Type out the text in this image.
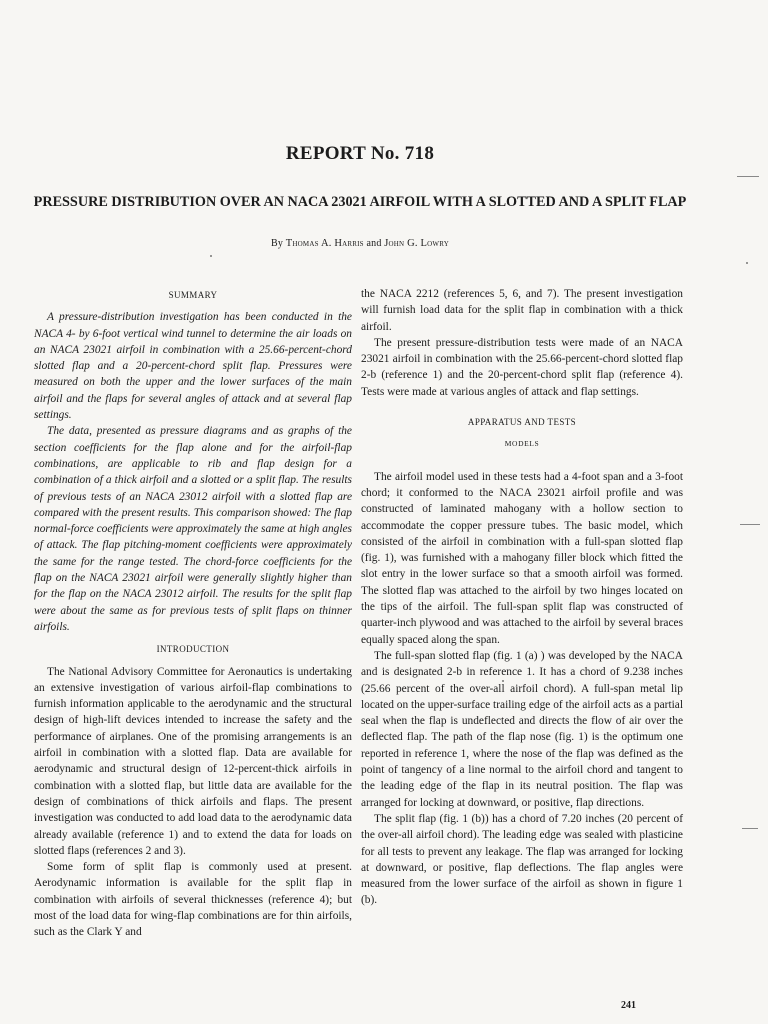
REPORT No. 718
PRESSURE DISTRIBUTION OVER AN NACA 23021 AIRFOIL WITH A SLOTTED AND A SPLIT FLAP
By Thomas A. Harris and John G. Lowry
SUMMARY

A pressure-distribution investigation has been conducted in the NACA 4- by 6-foot vertical wind tunnel to determine the air loads on an NACA 23021 airfoil in combination with a 25.66-percent-chord slotted flap and a 20-percent-chord split flap. Pressures were measured on both the upper and the lower surfaces of the main airfoil and the flaps for several angles of attack and at several flap settings.

The data, presented as pressure diagrams and as graphs of the section coefficients for the flap alone and for the airfoil-flap combinations, are applicable to rib and flap design for a combination of a thick airfoil and a slotted or a split flap. The results of previous tests of an NACA 23012 airfoil with a slotted flap are compared with the present results. This comparison showed: The flap normal-force coefficients were approximately the same at high angles of attack. The flap pitching-moment coefficients were approximately the same for the range tested. The chord-force coefficients for the flap on the NACA 23021 airfoil were generally slightly higher than for the flap on the NACA 23012 airfoil. The results for the split flap were about the same as for previous tests of split flaps on thinner airfoils.

INTRODUCTION

The National Advisory Committee for Aeronautics is undertaking an extensive investigation of various airfoil-flap combinations to furnish information applicable to the aerodynamic and the structural design of high-lift devices intended to increase the safety and the performance of airplanes. One of the promising arrangements is an airfoil in combination with a slotted flap. Data are available for aerodynamic and structural design of 12-percent-thick airfoils in combination with a slotted flap, but little data are available for the design of combinations of thick airfoils and flaps. The present investigation was conducted to add load data to the aerodynamic data already available (reference 1) and to extend the data for loads on slotted flaps (references 2 and 3).

Some form of split flap is commonly used at present. Aerodynamic information is available for the split flap in combination with airfoils of several thicknesses (reference 4); but most of the load data for wing-flap combinations are for thin airfoils, such as the Clark Y and

the NACA 2212 (references 5, 6, and 7). The present investigation will furnish load data for the split flap in combination with a thick airfoil.

The present pressure-distribution tests were made of an NACA 23021 airfoil in combination with the 25.66-percent-chord slotted flap 2-b (reference 1) and the 20-percent-chord split flap (reference 4). Tests were made at various angles of attack and flap settings.

APPARATUS AND TESTS
MODELS

The airfoil model used in these tests had a 4-foot span and a 3-foot chord; it conformed to the NACA 23021 airfoil profile and was constructed of laminated mahogany with a hollow section to accommodate the copper pressure tubes. The basic model, which consisted of the airfoil in combination with a full-span slotted flap (fig. 1), was furnished with a mahogany filler block which fitted the slot entry in the lower surface so that a smooth airfoil was formed. The slotted flap was attached to the airfoil by two hinges located on the tips of the airfoil. The full-span split flap was constructed of quarter-inch plywood and was attached to the airfoil by several braces equally spaced along the span.

The full-span slotted flap (fig. 1 (a) ) was developed by the NACA and is designated 2-b in reference 1. It has a chord of 9.238 inches (25.66 percent of the over-all airfoil chord). A full-span metal lip located on the upper-surface trailing edge of the airfoil acts as a partial seal when the flap is undeflected and directs the flow of air over the deflected flap. The path of the flap nose (fig. 1) is the optimum one reported in reference 1, where the nose of the flap was defined as the point of tangency of a line normal to the airfoil chord and tangent to the leading edge of the flap in its neutral position. The flap was arranged for locking at downward, or positive, flap directions.

The split flap (fig. 1 (b)) has a chord of 7.20 inches (20 percent of the over-all airfoil chord). The leading edge was sealed with plasticine for all tests to prevent any leakage. The flap was arranged for locking at downward, or positive, flap deflections. The flap angles were measured from the lower surface of the airfoil as shown in figure 1 (b).

241
